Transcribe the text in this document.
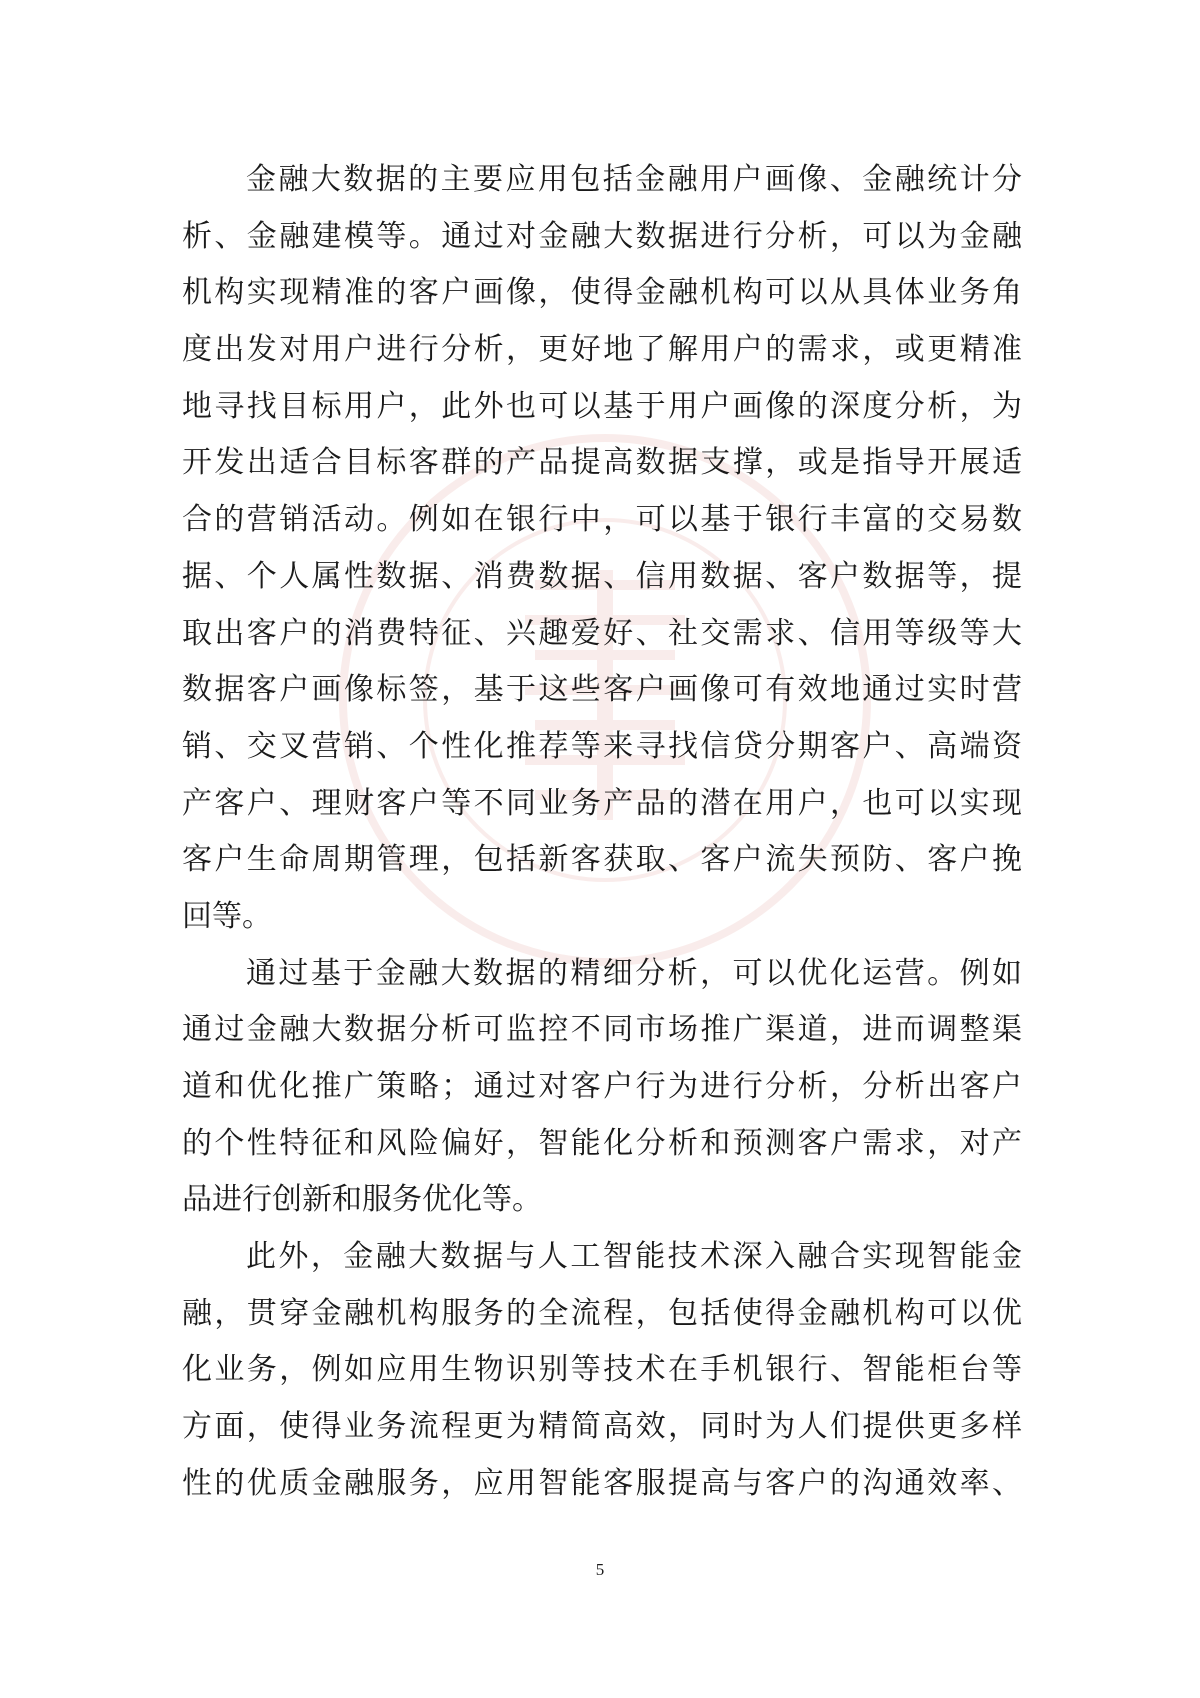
金融大数据的主要应用包括金融用户画像、金融统计分
析、金融建模等。通过对金融大数据进行分析，可以为金融
机构实现精准的客户画像，使得金融机构可以从具体业务角
度出发对用户进行分析，更好地了解用户的需求，或更精准
地寻找目标用户，此外也可以基于用户画像的深度分析，为
开发出适合目标客群的产品提高数据支撑，或是指导开展适
合的营销活动。例如在银行中，可以基于银行丰富的交易数
据、个人属性数据、消费数据、信用数据、客户数据等，提
取出客户的消费特征、兴趣爱好、社交需求、信用等级等大
数据客户画像标签，基于这些客户画像可有效地通过实时营
销、交叉营销、个性化推荐等来寻找信贷分期客户、高端资
产客户、理财客户等不同业务产品的潜在用户，也可以实现
客户生命周期管理，包括新客获取、客户流失预防、客户挽
回等。
通过基于金融大数据的精细分析，可以优化运营。例如
通过金融大数据分析可监控不同市场推广渠道，进而调整渠
道和优化推广策略；通过对客户行为进行分析，分析出客户
的个性特征和风险偏好，智能化分析和预测客户需求，对产
品进行创新和服务优化等。
此外，金融大数据与人工智能技术深入融合实现智能金
融，贯穿金融机构服务的全流程，包括使得金融机构可以优
化业务，例如应用生物识别等技术在手机银行、智能柜台等
方面，使得业务流程更为精简高效，同时为人们提供更多样
性的优质金融服务，应用智能客服提高与客户的沟通效率、
5
